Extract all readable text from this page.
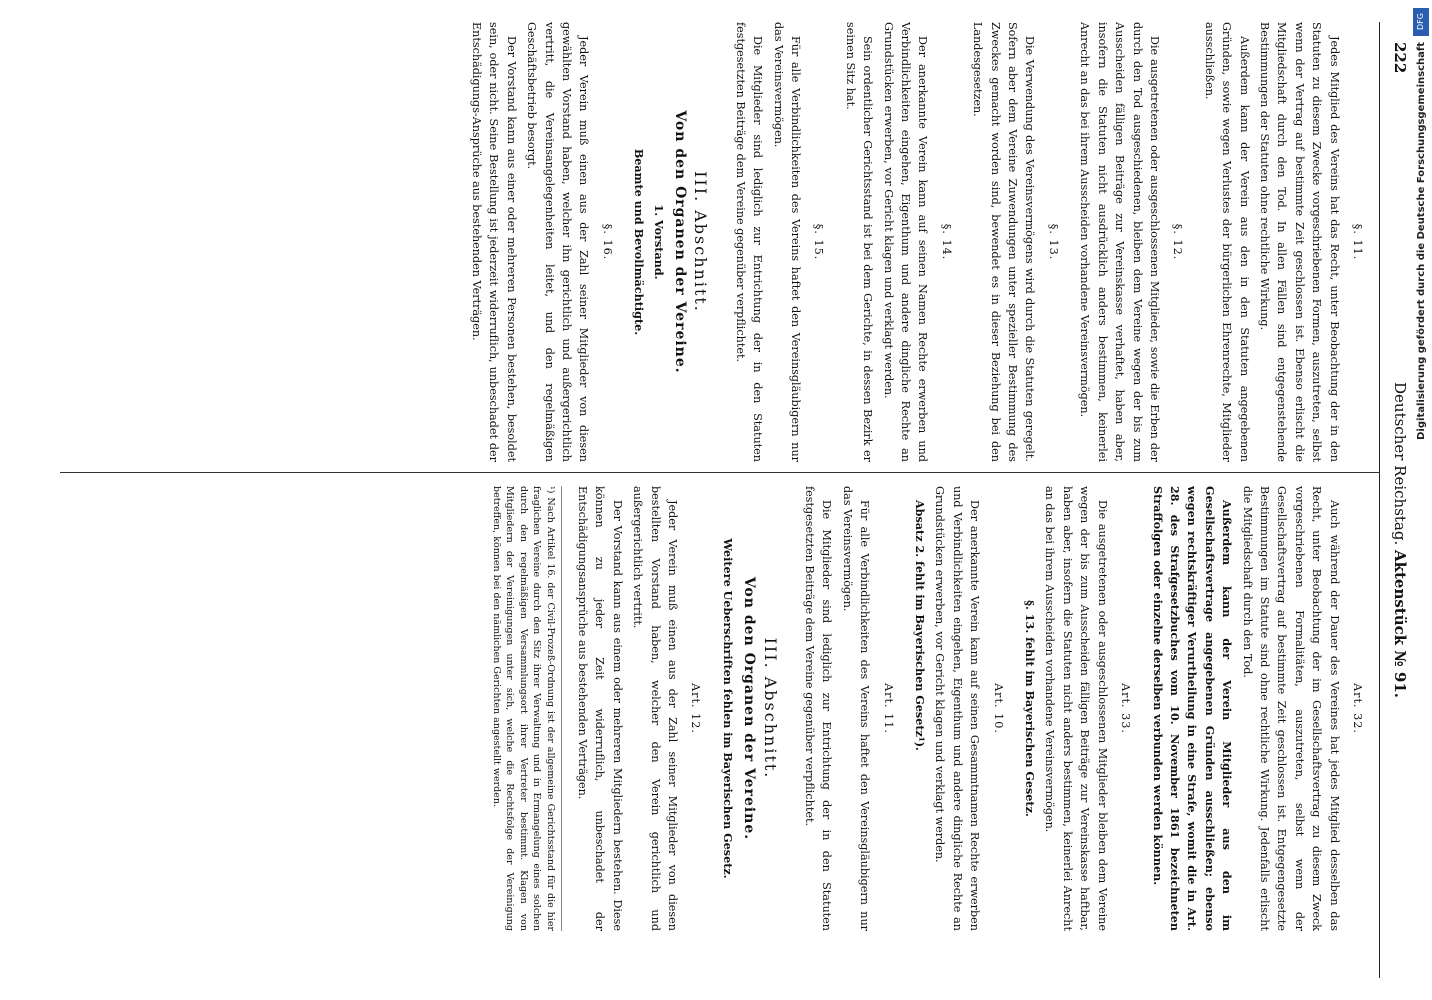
222
Deutscher Reichstag.
Aktenstück № 91.
§. 11.

Jedes Mitglied des Vereins hat das Recht, unter Beobachtung der in den Statuten zu diesem Zwecke vorgeschriebenen Formen, auszutreten, selbst wenn der Vertrag auf bestimmte Zeit geschlossen ist. Ebenso erlischt die Mitgliedschaft durch den Tod. In allen Fällen sind entgegenstehende Bestimmungen der Statuten ohne rechtliche Wirkung.

Außerdem kann der Verein aus den in den Statuten angegebenen Gründen, sowie wegen Verlustes der bürgerlichen Ehrenrechte, Mitglieder ausschließen.

§. 12.

Die ausgetretenen oder ausgeschlossenen Mitglieder, sowie die Erben der durch den Tod ausgeschiedenen, bleiben dem Vereine wegen der bis zum Ausscheiden fälligen Beiträge zur Vereinskasse verhaftet, haben aber, insofern die Statuten nicht ausdrücklich anders bestimmen, keinerlei Anrecht an das bei ihrem Ausscheiden vorhandene Vereinsvermögen.

§. 13.

Die Verwendung des Vereinsvermögens wird durch die Statuten geregelt. Sofern aber dem Vereine Zuwendungen unter spezieller Bestimmung des Zweckes gemacht worden sind, bewendet es in dieser Beziehung bei den Landesgesetzen.

§. 14.

Der anerkannte Verein kann auf seinen Namen Rechte erwerben und Verbindlichkeiten eingehen, Eigenthum und andere dingliche Rechte an Grundstücken erwerben, vor Gericht klagen und verklagt werden.

Sein ordentlicher Gerichtsstand ist bei dem Gerichte, in dessen Bezirk er seinen Sitz hat.

§. 15.

Für alle Verbindlichkeiten des Vereins haftet den Vereinsgläubigern nur das Vereinsvermögen.

Die Mitglieder sind lediglich zur Entrichtung der in den Statuten festgesetzten Beiträge dem Vereine gegenüber verpflichtet.

III. Abschnitt.
Von den Organen der Vereine.
1. Vorstand.
Beamte und Bevollmächtigte.
§. 16.

Jeder Verein muß einen aus der Zahl seiner Mitglieder von diesen gewählten Vorstand haben, welcher ihn gerichtlich und außergerichtlich vertritt, die Vereinsangelegenheiten leitet, und den regelmäßigen Geschäftsbetrieb besorgt.

Der Vorstand kann aus einer oder mehreren Personen bestehen, besoldet sein, oder nicht. Seine Bestellung ist jederzeit widerruflich, unbeschadet der Entschädigungs-Ansprüche aus bestehenden Verträgen.

Art. 32.

Auch während der Dauer des Vereines hat jedes Mitglied desselben das Recht, unter Beobachtung der im Gesellschaftsvertrag zu diesem Zweck vorgeschriebenen Formalitäten, auszutreten, selbst wenn der Gesellschaftsvertrag auf bestimmte Zeit geschlossen ist. Entgegengesetzte Bestimmungen im Statute sind ohne rechtliche Wirkung. Jedenfalls erlischt die Mitgliedschaft durch den Tod.

Außerdem kann der Verein Mitglieder aus den im Gesellschaftsvertrage angegebenen Gründen ausschließen; ebenso wegen rechtskräftiger Verurtheilung in eine Strafe, womit die in Art. 28. des Strafgesetzbuches vom 10. November 1861 bezeichneten Straffolgen oder einzelne derselben verbunden werden können.

Art. 33.

Die ausgetretenen oder ausgeschlossenen Mitglieder bleiben dem Vereine wegen der bis zum Ausscheiden fälligen Beiträge zur Vereinskasse haftbar, haben aber, insofern die Statuten nicht anders bestimmen, keinerlei Anrecht an das bei ihrem Ausscheiden vorhandene Vereinsvermögen.

§. 13. fehlt im Bayerischen Gesetz.
Art. 10.

Der anerkannte Verein kann auf seinen Gesammtnamen Rechte erwerben und Verbindlichkeiten eingehen, Eigenthum und andere dingliche Rechte an Grundstücken erwerben, vor Gericht klagen und verklagt werden.

Absatz 2. fehlt im Bayerischen Gesetz¹).

Art. 11.

Für alle Verbindlichkeiten des Vereins haftet den Vereinsgläubigern nur das Vereinsvermögen.

Die Mitglieder sind lediglich zur Entrichtung der in den Statuten festgesetzten Beiträge dem Vereine gegenüber verpflichtet.

III. Abschnitt.
Von den Organen der Vereine.
Weitere Ueberschriften fehlen im Bayerischen Gesetz.
Art. 12.

Jeder Verein muß einen aus der Zahl seiner Mitglieder von diesen bestellten Vorstand haben, welcher den Verein gerichtlich und außergerichtlich vertritt.

Der Vorstand kann aus einem oder mehreren Mitgliedern bestehen. Diese können zu jeder Zeit widerruflich, unbeschadet der Entschädigungsansprüche aus bestehenden Verträgen.

¹) Nach Artikel 16. der Civil-Prozeß-Ordnung ist der allgemeine Gerichtsstand für die hier fraglichen Vereine durch den Sitz ihrer Verwaltung und in Ermangelung eines solchen durch den regelmäßigen Versammlungsort ihrer Vertreter bestimmt. Klagen von Mitgliedern der Vereinigungen unter sich, welche die Rechtsfolge der Vereinigung betreffen, können bei den nämlichen Gerichten angestellt werden.
DFG
Digitalisierung gefördert durch die Deutsche Forschungsgemeinschaft
